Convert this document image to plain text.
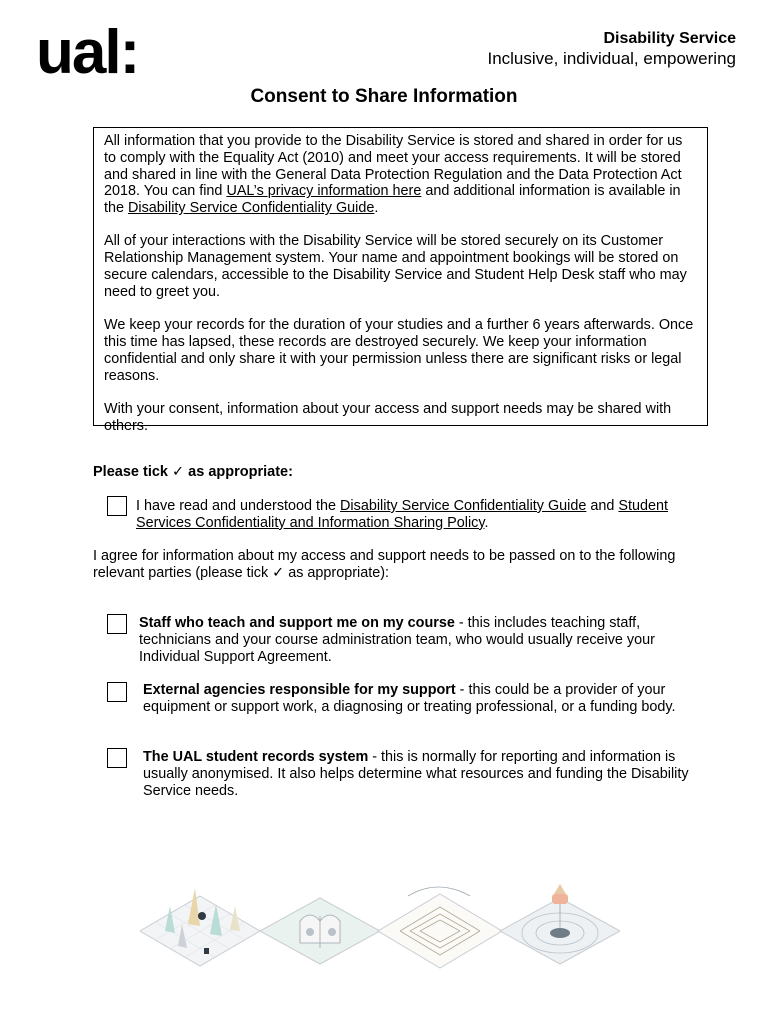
ual:	Disability Service
Inclusive, individual, empowering
Consent to Share Information

All information that you provide to the Disability Service is stored and shared in order for us to comply with the Equality Act (2010) and meet your access requirements. It will be stored and shared in line with the General Data Protection Regulation and the Data Protection Act 2018. You can find UAL’s privacy information here and additional information is available in the Disability Service Confidentiality Guide.

All of your interactions with the Disability Service will be stored securely on its Customer Relationship Management system. Your name and appointment bookings will be stored on secure calendars, accessible to the Disability Service and Student Help Desk staff who may need to greet you.

We keep your records for the duration of your studies and a further 6 years afterwards. Once this time has lapsed, these records are destroyed securely. We keep your information confidential and only share it with your permission unless there are significant risks or legal reasons.

With your consent, information about your access and support needs may be shared with others.

Please tick ✓ as appropriate:
I have read and understood the Disability Service Confidentiality Guide and Student Services Confidentiality and Information Sharing Policy.
I agree for information about my access and support needs to be passed on to the following relevant parties (please tick ✓ as appropriate):
Staff who teach and support me on my course - this includes teaching staff, technicians and your course administration team, who would usually receive your Individual Support Agreement.
External agencies responsible for my support - this could be a provider of your equipment or support work, a diagnosing or treating professional, or a funding body.
The UAL student records system - this is normally for reporting and information is usually anonymised. It also helps determine what resources and funding the Disability Service needs.
